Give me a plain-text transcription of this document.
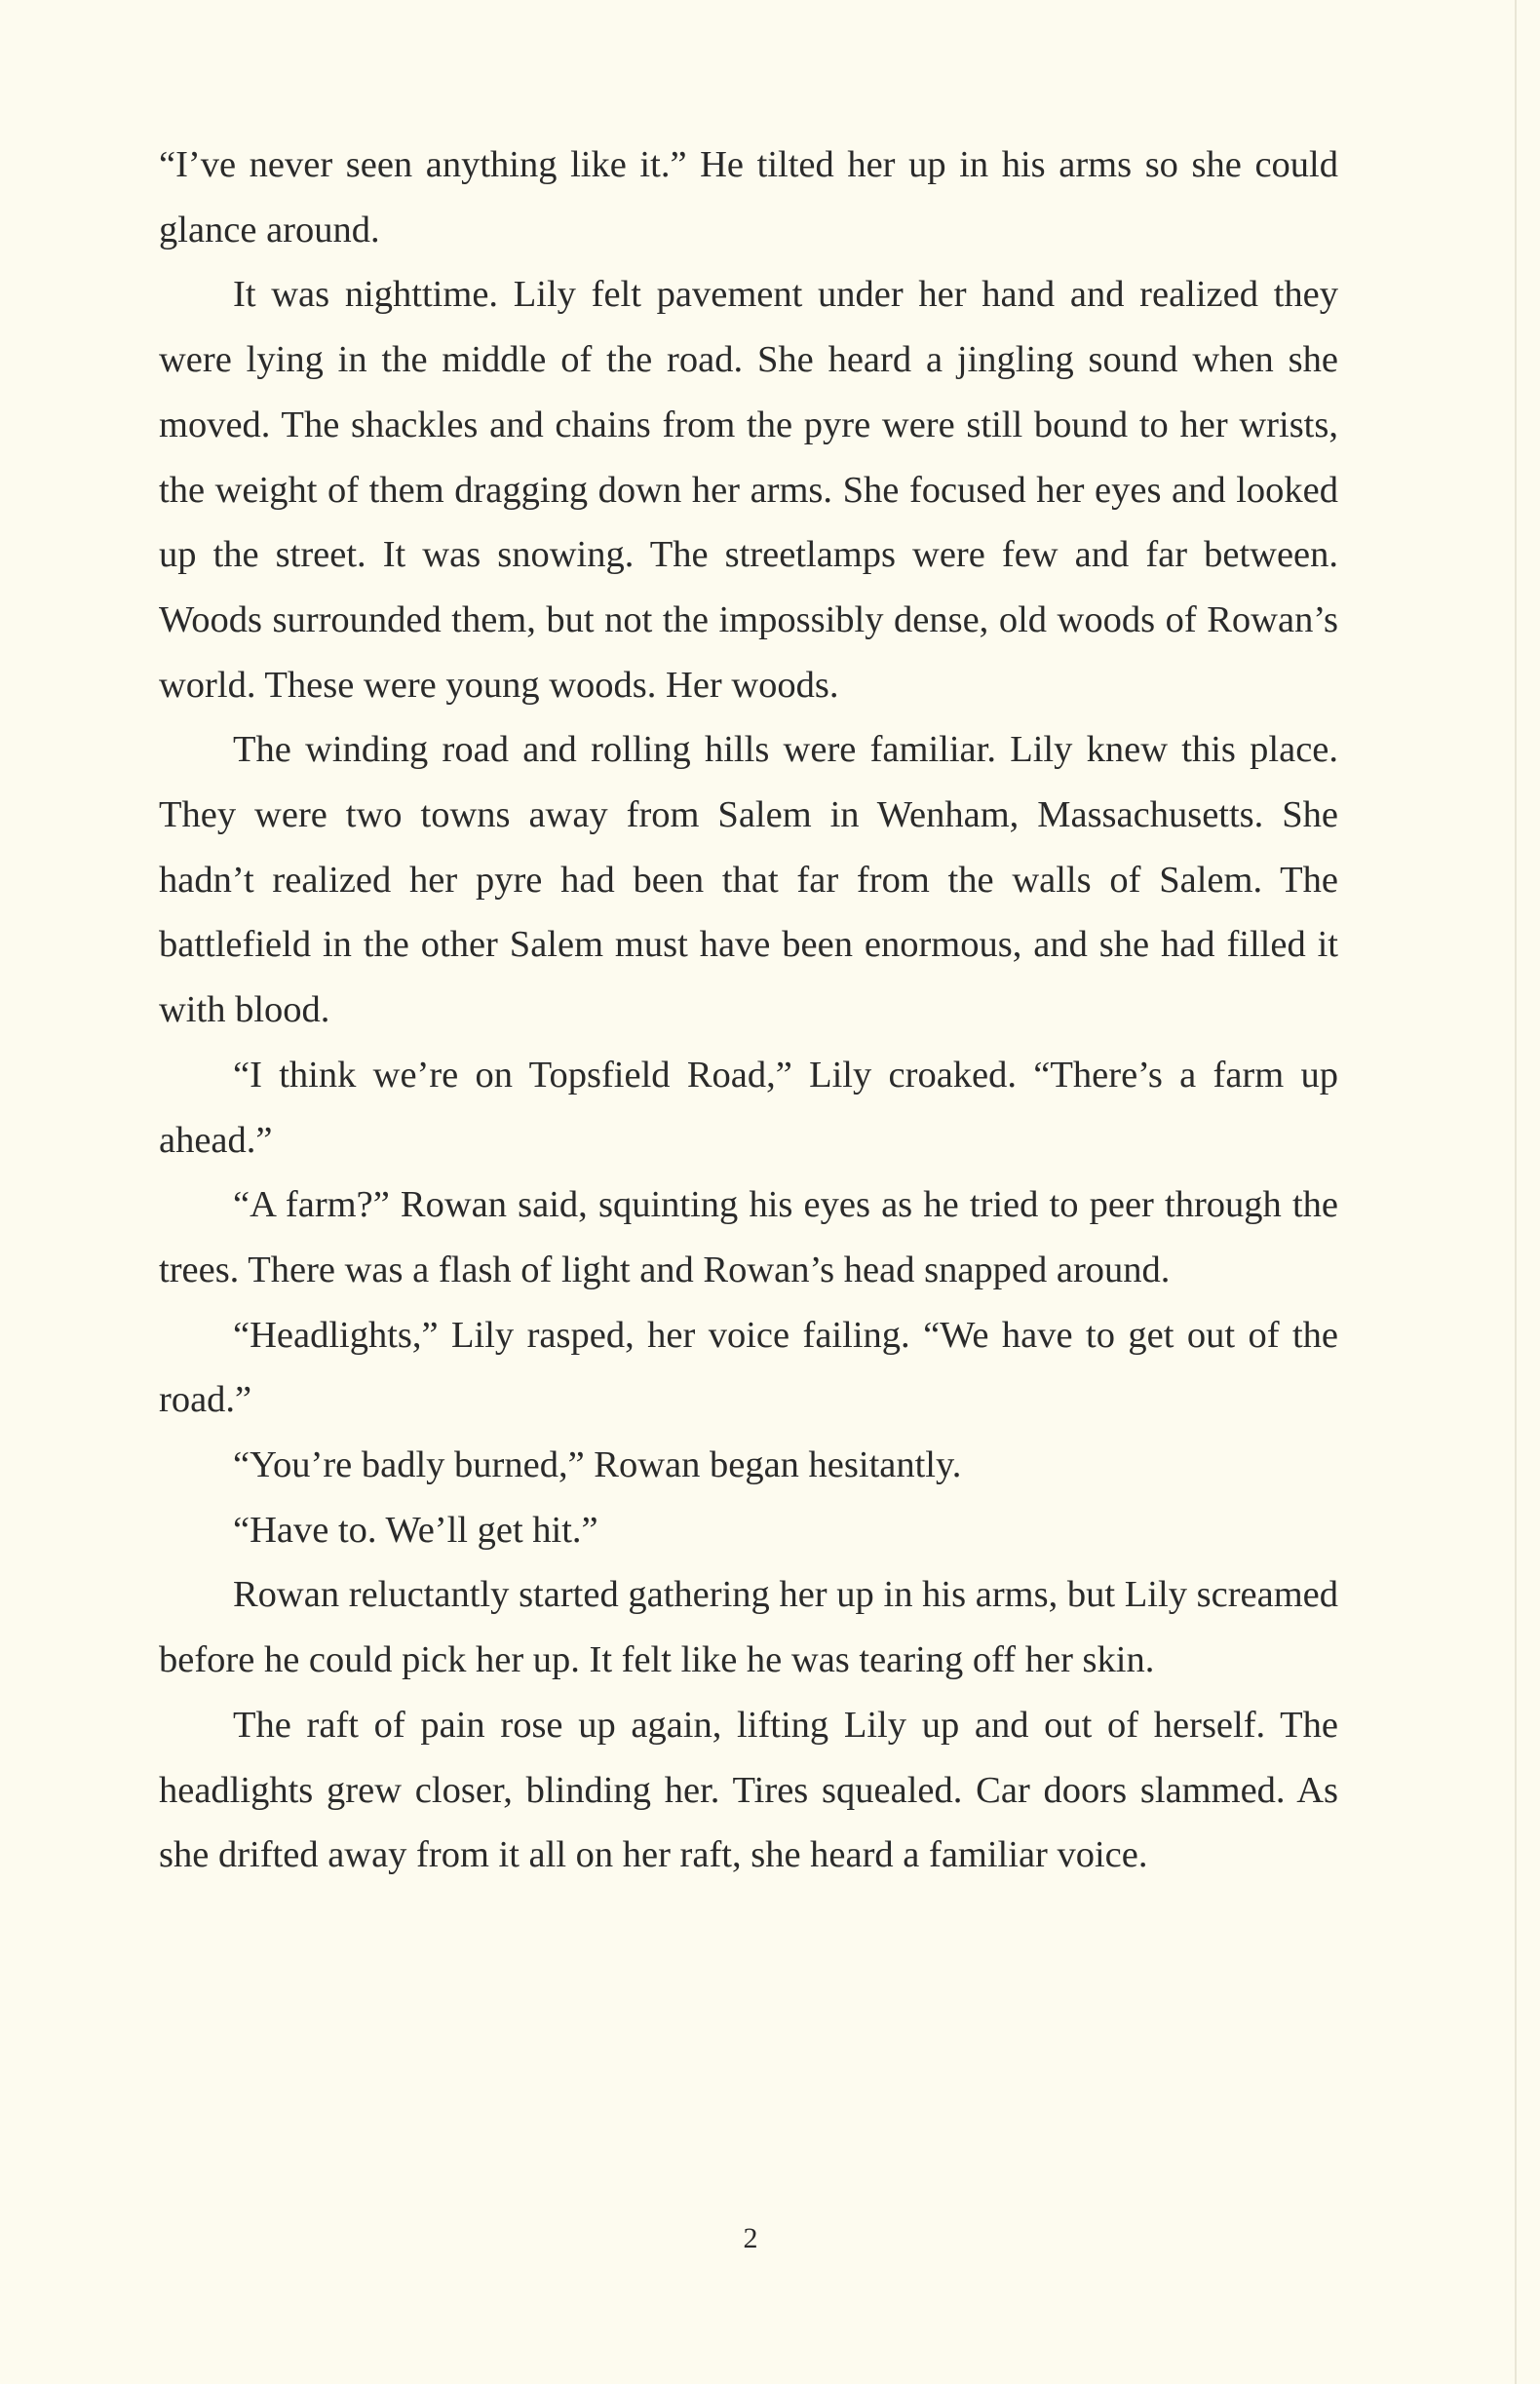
“I’ve never seen anything like it.” He tilted her up in his arms so she could glance around.

It was nighttime. Lily felt pavement under her hand and realized they were lying in the middle of the road. She heard a jingling sound when she moved. The shackles and chains from the pyre were still bound to her wrists, the weight of them dragging down her arms. She focused her eyes and looked up the street. It was snowing. The streetlamps were few and far between. Woods surrounded them, but not the impossibly dense, old woods of Rowan’s world. These were young woods. Her woods.

The winding road and rolling hills were familiar. Lily knew this place. They were two towns away from Salem in Wenham, Massachusetts. She hadn’t realized her pyre had been that far from the walls of Salem. The battlefield in the other Salem must have been enormous, and she had filled it with blood.

“I think we’re on Topsfield Road,” Lily croaked. “There’s a farm up ahead.”

“A farm?” Rowan said, squinting his eyes as he tried to peer through the trees. There was a flash of light and Rowan’s head snapped around.

“Headlights,” Lily rasped, her voice failing. “We have to get out of the road.”

“You’re badly burned,” Rowan began hesitantly.

“Have to. We’ll get hit.”

Rowan reluctantly started gathering her up in his arms, but Lily screamed before he could pick her up. It felt like he was tearing off her skin.

The raft of pain rose up again, lifting Lily up and out of herself. The headlights grew closer, blinding her. Tires squealed. Car doors slammed. As she drifted away from it all on her raft, she heard a familiar voice.

2
